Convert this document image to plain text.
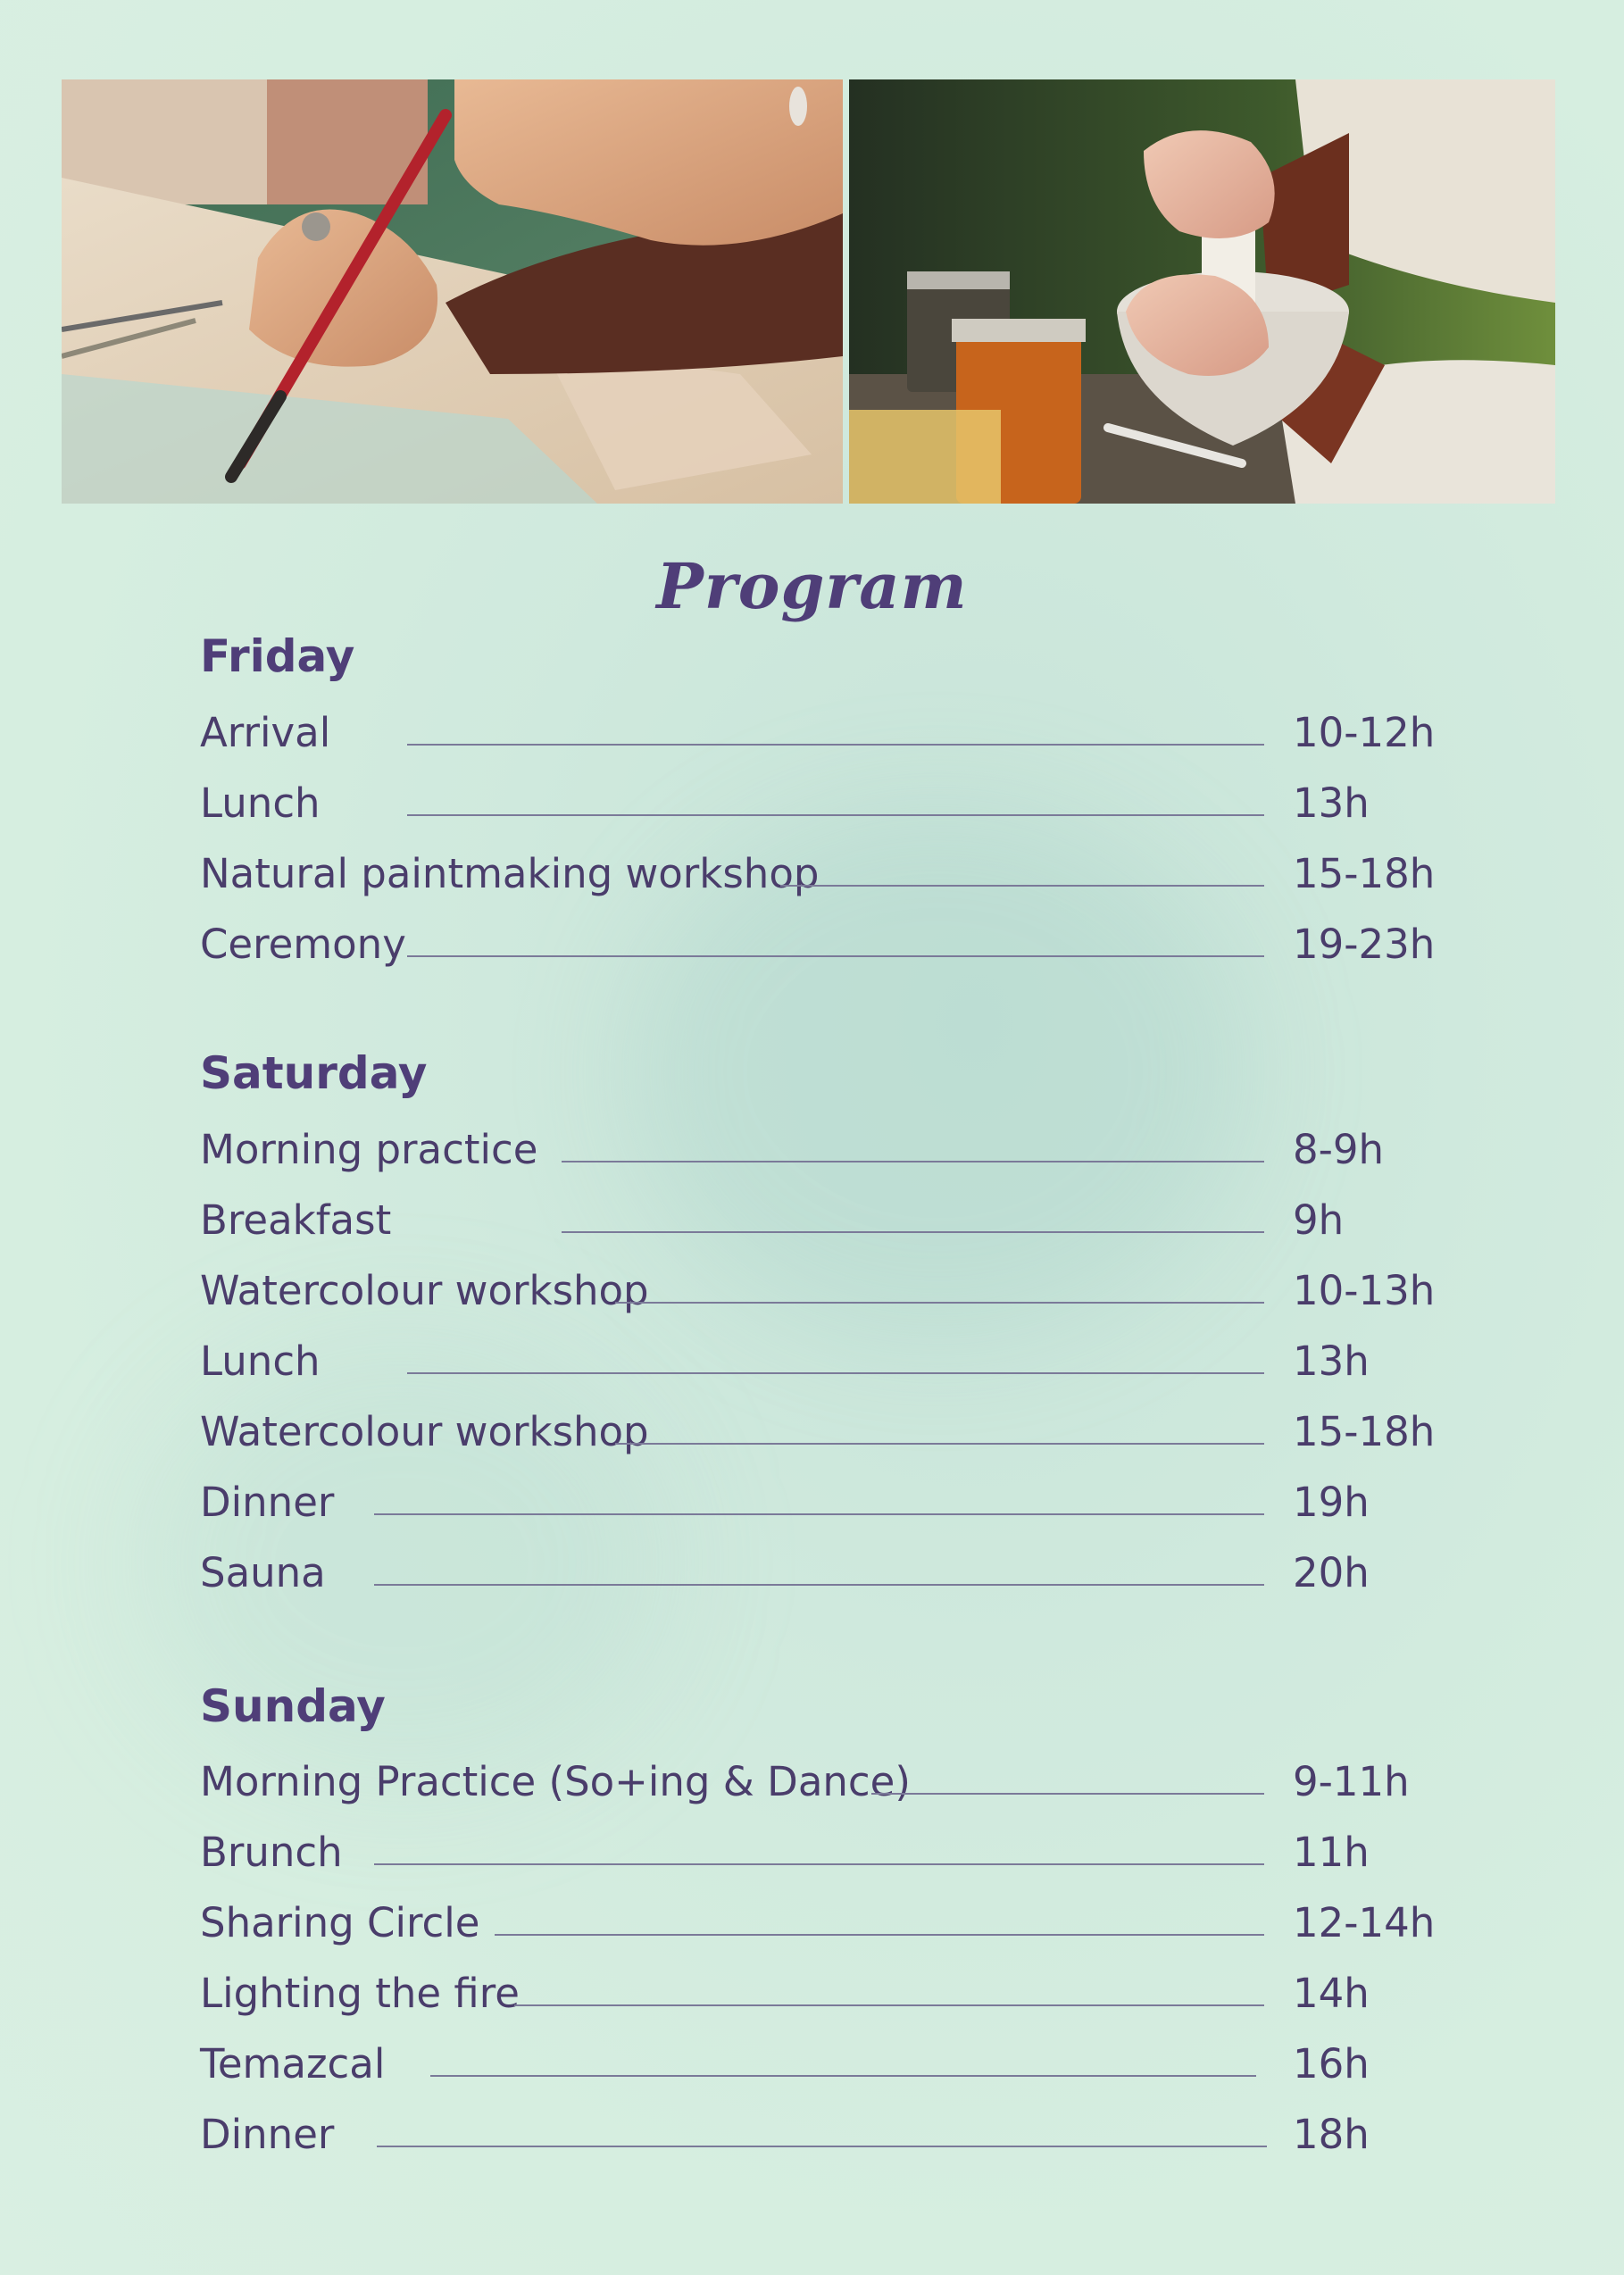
Program
Friday
Arrival	10-12h
Lunch	13h
Natural paintmaking workshop	15-18h
Ceremony	19-23h
Saturday
Morning practice	8-9h
Breakfast	9h
Watercolour workshop	10-13h
Lunch	13h
Watercolour workshop	15-18h
Dinner	19h
Sauna	20h
Sunday
Morning Practice (So+ing & Dance)	9-11h
Brunch	11h
Sharing Circle	12-14h
Lighting the fire	14h
Temazcal	16h
Dinner	18h
